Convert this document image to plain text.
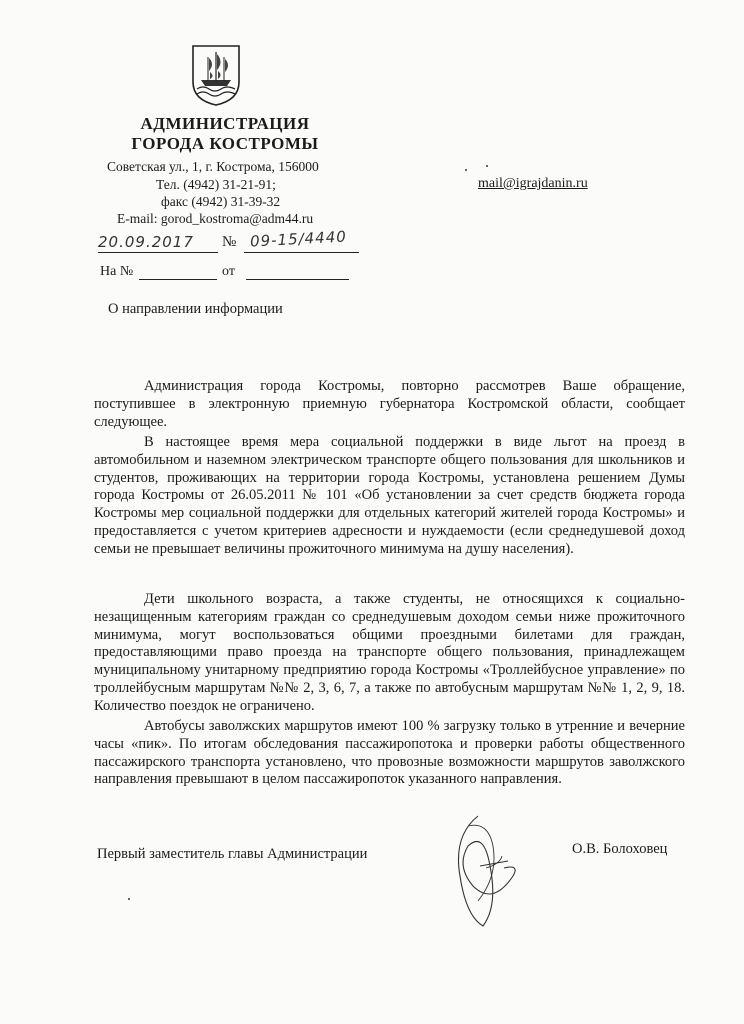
АДМИНИСТРАЦИЯ
ГОРОДА КОСТРОМЫ
Советская ул., 1, г. Кострома, 156000
Тел. (4942) 31-21-91;
факс (4942) 31-39-32
E-mail: gorod_kostroma@adm44.ru
mail@igrajdanin.ru
20.09.2017 № 09-15/4440
На №	от
О направлении информации

Администрация города Костромы, повторно рассмотрев Ваше обращение, поступившее в электронную приемную губернатора Костромской области, сообщает следующее.

В настоящее время мера социальной поддержки в виде льгот на проезд в автомобильном и наземном электрическом транспорте общего пользования для школьников и студентов, проживающих на территории города Костромы, установлена решением Думы города Костромы от 26.05.2011 № 101 «Об установлении за счет средств бюджета города Костромы мер социальной поддержки для отдельных категорий жителей города Костромы» и предоставляется с учетом критериев адресности и нуждаемости (если среднедушевой доход семьи не превышает величины прожиточного минимума на душу населения).

Дети школьного возраста, а также студенты, не относящихся к социально-незащищенным категориям граждан со среднедушевым доходом семьи ниже прожиточного минимума, могут воспользоваться общими проездными билетами для граждан, предоставляющими право проезда на транспорте общего пользования, принадлежащем муниципальному унитарному предприятию города Костромы «Троллейбусное управление» по троллейбусным маршрутам №№ 2, 3, 6, 7, а также по автобусным маршрутам №№ 1, 2, 9, 18. Количество поездок не ограничено.

Автобусы заволжских маршрутов имеют 100 % загрузку только в утренние и вечерние часы «пик». По итогам обследования пассажиропотока и проверки работы общественного пассажирского транспорта установлено, что провозные возможности маршрутов заволжского направления превышают в целом пассажиропоток указанного направления.

Первый заместитель главы Администрации	О.В. Болоховец
